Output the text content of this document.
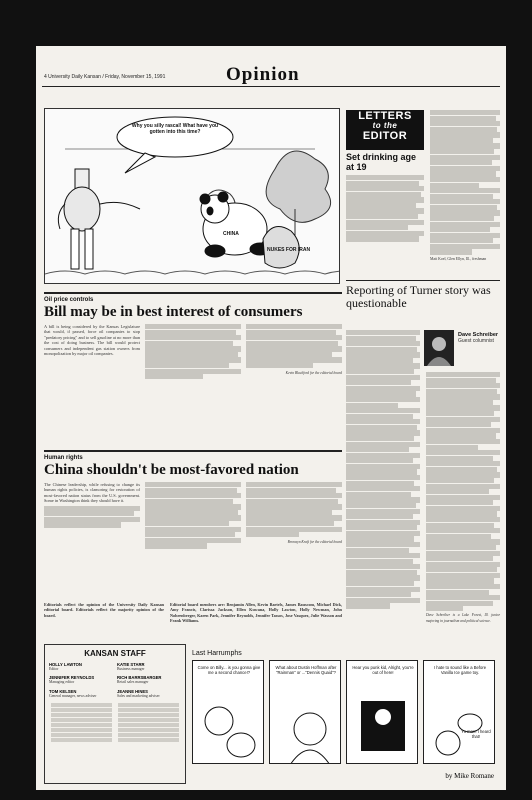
4 University Daily Kansan / Friday, November 15, 1991	Opinion
NUKES FOR IRAN
CHINA
Why you silly rascal! What have you gotten into this time?
Oil price controls
Bill may be in best interest of consumers
A bill is being considered by the Kansas Legislature that would, if passed, force oil companies to stop "predatory pricing" and to sell gasoline at no more than the cost of doing business. The bill would protect consumers and independent gas station owners from monopolization by major oil companies.
Kevin Blackford for the editorial board
Human rights
China shouldn't be most-favored nation
The Chinese leadership, while refusing to change its human rights policies, is clamoring for restoration of most-favored nation status from the U.S. government. Some in Washington think they should have it.
Bronwyn Kraft for the editorial board
Editorials reflect the opinion of the University Daily Kansan editorial board. Editorials reflect the majority opinion of the board.
Editorial board members are: Benjamin Allen, Kevin Bartels, James Bauscom, Michael Dick, Amy Francis, Clarissa Jackson, Ellen Kuwana, Holly Lawton, Holly Newman, John Nohrenberger, Karen Park, Jennifer Reynolds, Jennifer Tassos, Jose Vasquez, Julie Wasson and Frank Williams.
LETTERS
to the
EDITOR
Set drinking age at 19
Matt Koel, Glen Ellyn, Ill., freshman
Reporting of Turner story was questionable
Dave Schreiber
Guest columnist
Dave Schreiber is a Lake Forest, Ill. junior majoring in journalism and political science.
KANSAN STAFF
HOLLY LAWTON
Editor
KATIE STARR
Business manager
JENNIFER REYNOLDS
Managing editor
RICH BARRSBARGER
Retail sales manager
TOM KELSEN
General manager, news adviser
JEANNE HINES
Sales and marketing adviser
Last Harrumphs
Come on Billy... is you gonna give me a second chance!?
What about Dustin Hoffman after "Rainman" or ..."Dennis Quaid"?
Hear you punk kid, Alright, you're out of here!
I hate to sound like a Before Vanilla Ice game toy.
Yo man! I heard that!
by Mike Romane
